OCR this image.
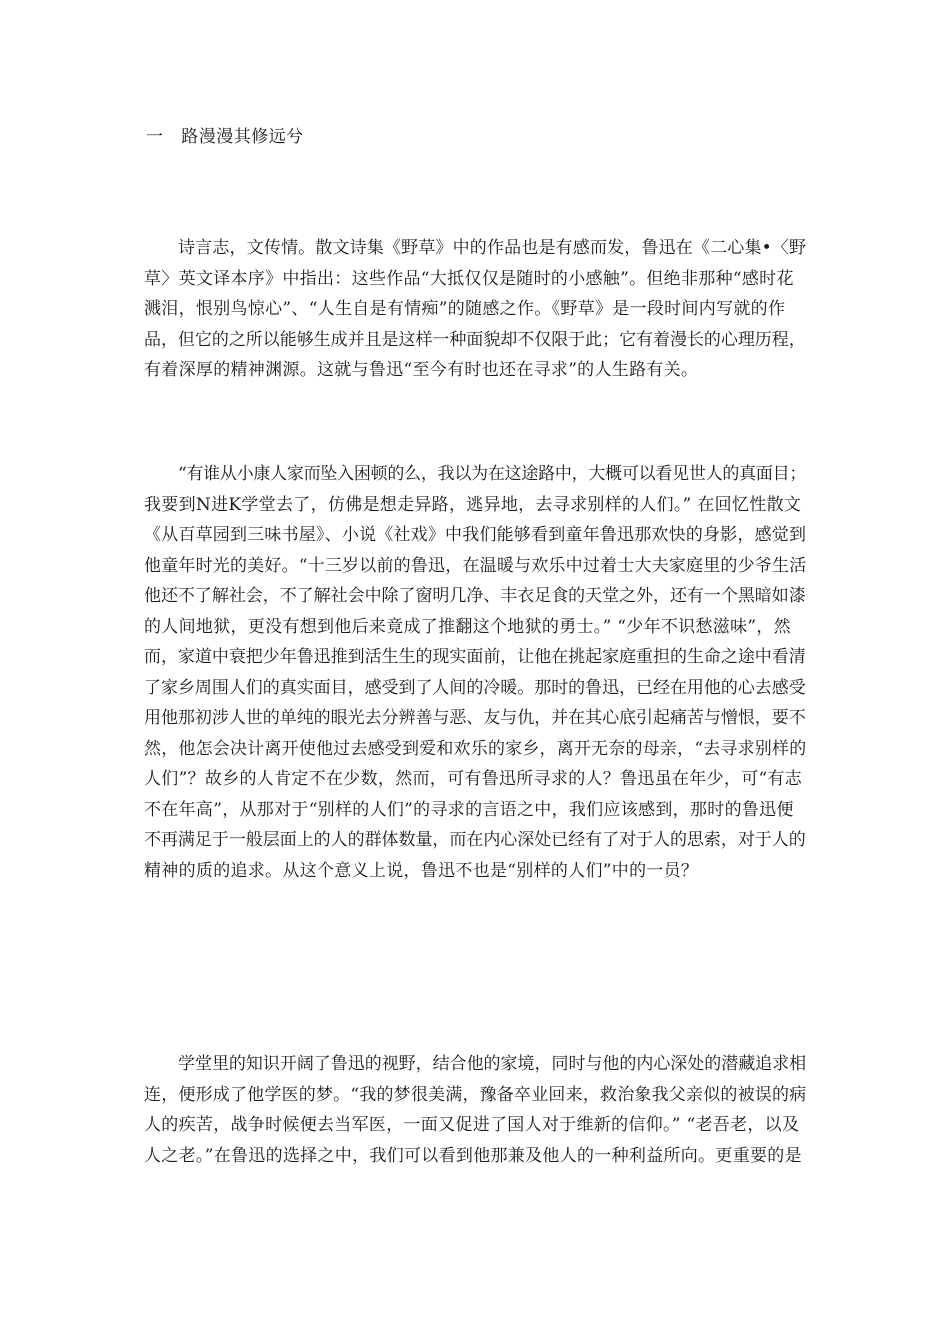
一   路漫漫其修远兮
诗言志，文传情。散文诗集《野草》中的作品也是有感而发，鲁迅在《二心集•〈野
草〉英文译本序》中指出：这些作品“大抵仅仅是随时的小感触”。但绝非那种“感时花
溅泪，恨别鸟惊心”、“人生自是有情痴”的随感之作。《野草》是一段时间内写就的作
品，但它的之所以能够生成并且是这样一种面貌却不仅限于此；它有着漫长的心理历程，
有着深厚的精神渊源。这就与鲁迅“至今有时也还在寻求”的人生路有关。
“有谁从小康人家而坠入困顿的么，我以为在这途路中，大概可以看见世人的真面目；
我要到N进K学堂去了，仿佛是想走异路，逃异地，去寻求别样的人们。” 在回忆性散文
《从百草园到三味书屋》、小说《社戏》中我们能够看到童年鲁迅那欢快的身影，感觉到
他童年时光的美好。“十三岁以前的鲁迅，在温暖与欢乐中过着士大夫家庭里的少爷生活
他还不了解社会，不了解社会中除了窗明几净、丰衣足食的天堂之外，还有一个黑暗如漆
的人间地狱，更没有想到他后来竟成了推翻这个地狱的勇士。” “少年不识愁滋味”，然
而，家道中衰把少年鲁迅推到活生生的现实面前，让他在挑起家庭重担的生命之途中看清
了家乡周围人们的真实面目，感受到了人间的冷暖。那时的鲁迅，已经在用他的心去感受
用他那初涉人世的单纯的眼光去分辨善与恶、友与仇，并在其心底引起痛苦与憎恨，要不
然，他怎会决计离开使他过去感受到爱和欢乐的家乡，离开无奈的母亲，“去寻求别样的
人们”？故乡的人肯定不在少数，然而，可有鲁迅所寻求的人？鲁迅虽在年少，可“有志
不在年高”，从那对于“别样的人们”的寻求的言语之中，我们应该感到，那时的鲁迅便
不再满足于一般层面上的人的群体数量，而在内心深处已经有了对于人的思索，对于人的
精神的质的追求。从这个意义上说，鲁迅不也是“别样的人们”中的一员？
学堂里的知识开阔了鲁迅的视野，结合他的家境，同时与他的内心深处的潜藏追求相
连，便形成了他学医的梦。“我的梦很美满，豫备卒业回来，救治象我父亲似的被误的病
人的疾苦，战争时候便去当军医，一面又促进了国人对于维新的信仰。” “老吾老，以及
人之老。”在鲁迅的选择之中，我们可以看到他那兼及他人的一种利益所向。更重要的是
